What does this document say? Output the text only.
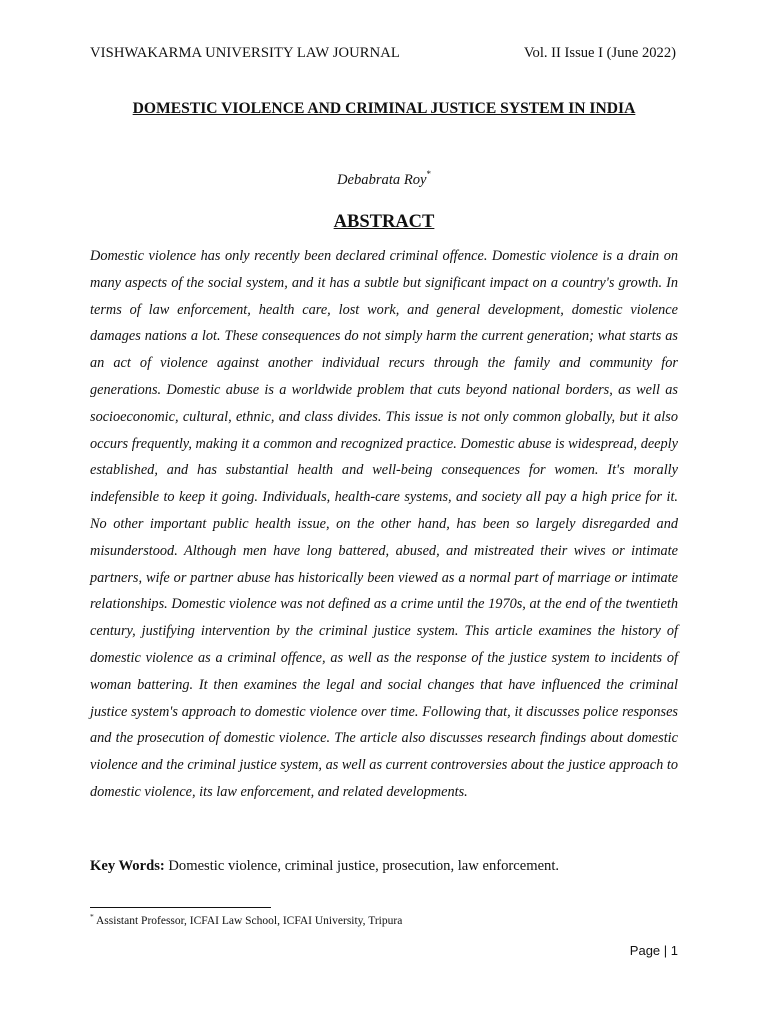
VISHWAKARMA UNIVERSITY LAW JOURNAL	Vol. II Issue I (June 2022)
DOMESTIC VIOLENCE AND CRIMINAL JUSTICE SYSTEM IN INDIA
Debabrata Roy*
ABSTRACT

Domestic violence has only recently been declared criminal offence. Domestic violence is a drain on many aspects of the social system, and it has a subtle but significant impact on a country's growth. In terms of law enforcement, health care, lost work, and general development, domestic violence damages nations a lot. These consequences do not simply harm the current generation; what starts as an act of violence against another individual recurs through the family and community for generations. Domestic abuse is a worldwide problem that cuts beyond national borders, as well as socioeconomic, cultural, ethnic, and class divides. This issue is not only common globally, but it also occurs frequently, making it a common and recognized practice. Domestic abuse is widespread, deeply established, and has substantial health and well-being consequences for women. It's morally indefensible to keep it going. Individuals, health-care systems, and society all pay a high price for it. No other important public health issue, on the other hand, has been so largely disregarded and misunderstood. Although men have long battered, abused, and mistreated their wives or intimate partners, wife or partner abuse has historically been viewed as a normal part of marriage or intimate relationships. Domestic violence was not defined as a crime until the 1970s, at the end of the twentieth century, justifying intervention by the criminal justice system. This article examines the history of domestic violence as a criminal offence, as well as the response of the justice system to incidents of woman battering. It then examines the legal and social changes that have influenced the criminal justice system's approach to domestic violence over time. Following that, it discusses police responses and the prosecution of domestic violence. The article also discusses research findings about domestic violence and the criminal justice system, as well as current controversies about the justice approach to domestic violence, its law enforcement, and related developments.

Key Words: Domestic violence, criminal justice, prosecution, law enforcement.
* Assistant Professor, ICFAI Law School, ICFAI University, Tripura
Page | 1
